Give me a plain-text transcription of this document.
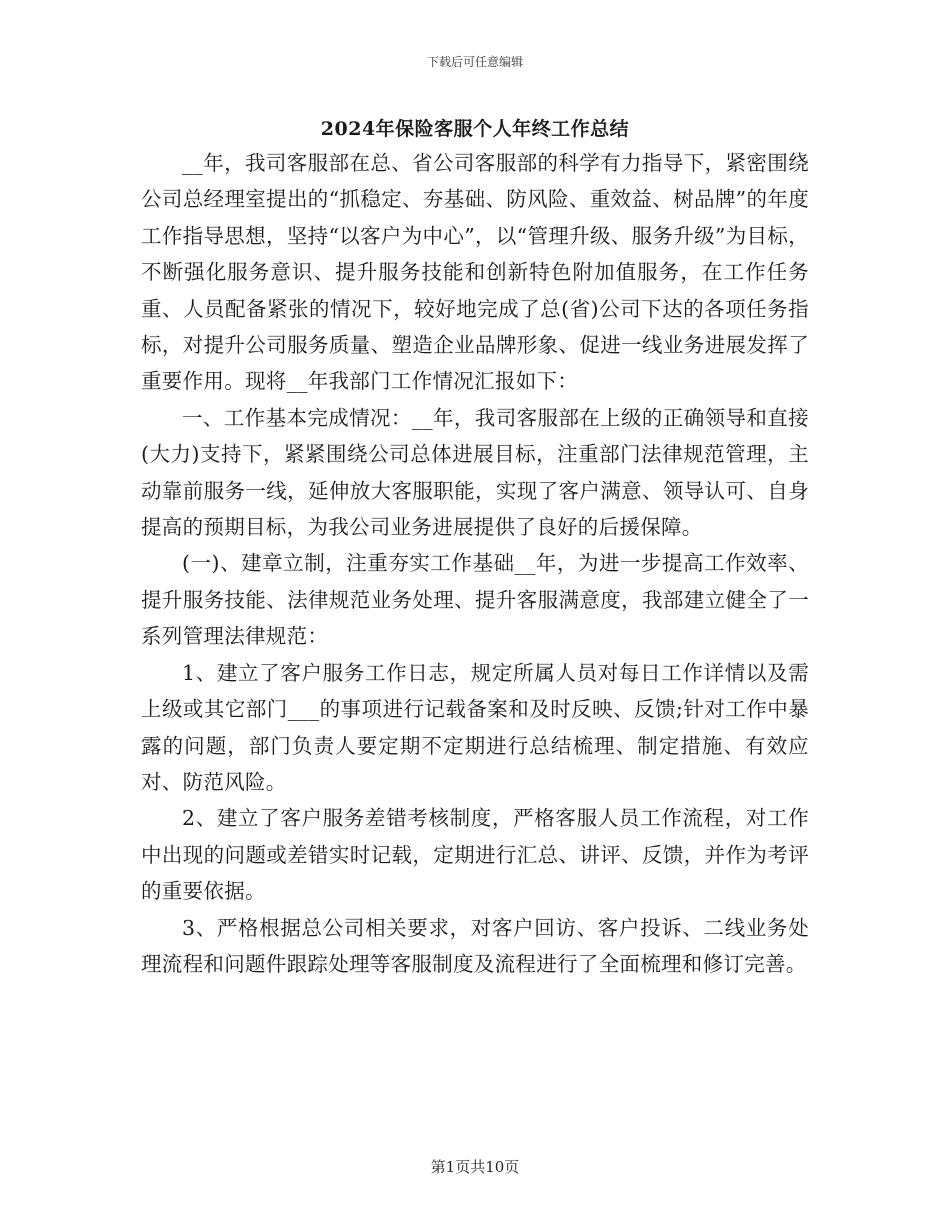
下载后可任意编辑
2024年保险客服个人年终工作总结

__年，我司客服部在总、省公司客服部的科学有力指导下，紧密围绕公司总经理室提出的“抓稳定、夯基础、防风险、重效益、树品牌”的年度工作指导思想，坚持“以客户为中心”，以“管理升级、服务升级”为目标，不断强化服务意识、提升服务技能和创新特色附加值服务，在工作任务重、人员配备紧张的情况下，较好地完成了总(省)公司下达的各项任务指标，对提升公司服务质量、塑造企业品牌形象、促进一线业务进展发挥了重要作用。现将__年我部门工作情况汇报如下：

一、工作基本完成情况：__年，我司客服部在上级的正确领导和直接(大力)支持下，紧紧围绕公司总体进展目标，注重部门法律规范管理，主动靠前服务一线，延伸放大客服职能，实现了客户满意、领导认可、自身提高的预期目标，为我公司业务进展提供了良好的后援保障。

(一)、建章立制，注重夯实工作基础__年，为进一步提高工作效率、提升服务技能、法律规范业务处理、提升客服满意度，我部建立健全了一系列管理法律规范：

1、建立了客户服务工作日志，规定所属人员对每日工作详情以及需上级或其它部门___的事项进行记载备案和及时反映、反馈;针对工作中暴露的问题，部门负责人要定期不定期进行总结梳理、制定措施、有效应对、防范风险。

2、建立了客户服务差错考核制度，严格客服人员工作流程，对工作中出现的问题或差错实时记载，定期进行汇总、讲评、反馈，并作为考评的重要依据。

3、严格根据总公司相关要求，对客户回访、客户投诉、二线业务处理流程和问题件跟踪处理等客服制度及流程进行了全面梳理和修订完善。

第1页共10页
